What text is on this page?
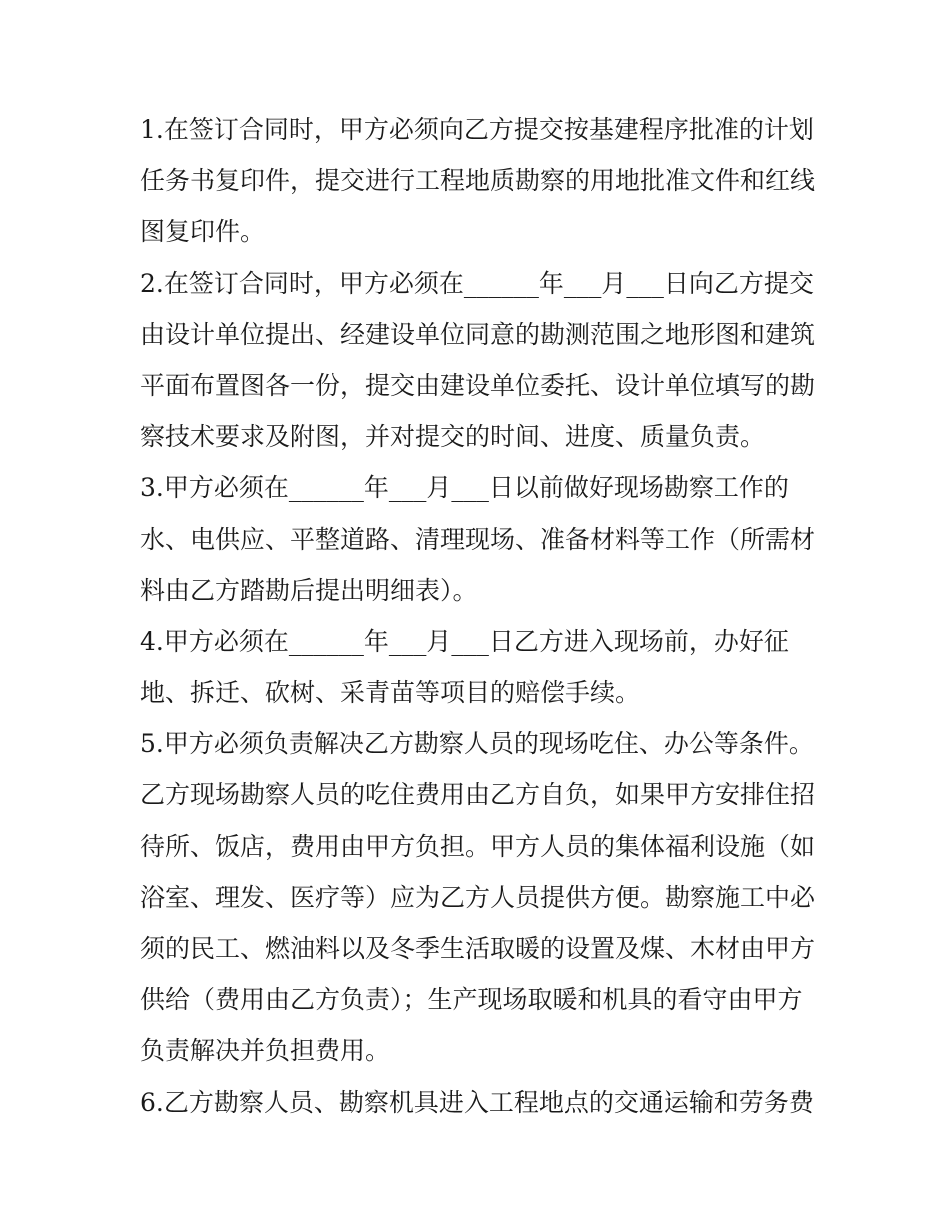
1.在签订合同时，甲方必须向乙方提交按基建程序批准的计划
任务书复印件，提交进行工程地质勘察的用地批准文件和红线
图复印件。
2.在签订合同时，甲方必须在______年___月___日向乙方提交
由设计单位提出、经建设单位同意的勘测范围之地形图和建筑
平面布置图各一份，提交由建设单位委托、设计单位填写的勘
察技术要求及附图，并对提交的时间、进度、质量负责。
3.甲方必须在______年___月___日以前做好现场勘察工作的
水、电供应、平整道路、清理现场、准备材料等工作（所需材
料由乙方踏勘后提出明细表）。
4.甲方必须在______年___月___日乙方进入现场前，办好征
地、拆迁、砍树、采青苗等项目的赔偿手续。
5.甲方必须负责解决乙方勘察人员的现场吃住、办公等条件。
乙方现场勘察人员的吃住费用由乙方自负，如果甲方安排住招
待所、饭店，费用由甲方负担。甲方人员的集体福利设施（如
浴室、理发、医疗等）应为乙方人员提供方便。勘察施工中必
须的民工、燃油料以及冬季生活取暖的设置及煤、木材由甲方
供给（费用由乙方负责）；生产现场取暖和机具的看守由甲方
负责解决并负担费用。
6.乙方勘察人员、勘察机具进入工程地点的交通运输和劳务费
